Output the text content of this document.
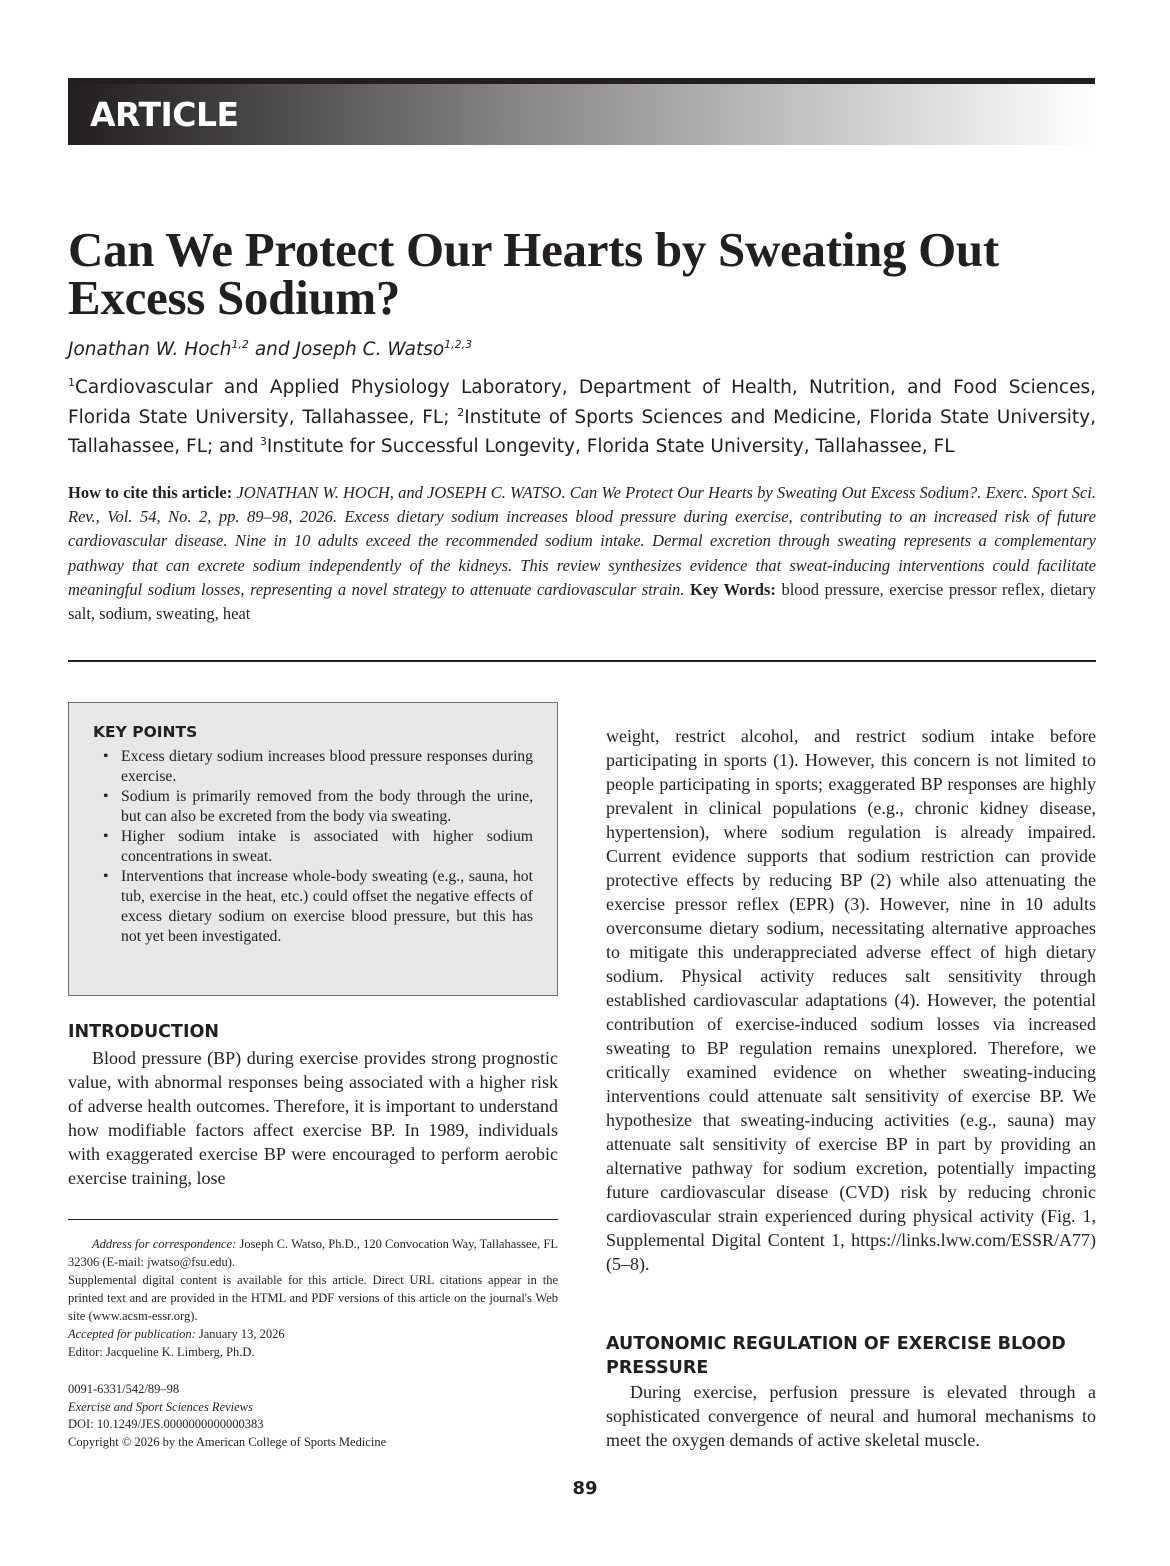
ARTICLE
Can We Protect Our Hearts by Sweating Out Excess Sodium?
Jonathan W. Hoch$^{1,2}$ and Joseph C. Watso$^{1,2,3}$
$^1$Cardiovascular and Applied Physiology Laboratory, Department of Health, Nutrition, and Food Sciences, Florida State University, Tallahassee, FL; $^2$Institute of Sports Sciences and Medicine, Florida State University, Tallahassee, FL; and $^3$Institute for Successful Longevity, Florida State University, Tallahassee, FL
How to cite this article: JONATHAN W. HOCH, and JOSEPH C. WATSO. Can We Protect Our Hearts by Sweating Out Excess Sodium?. Exerc. Sport Sci. Rev., Vol. 54, No. 2, pp. 89–98, 2026. Excess dietary sodium increases blood pressure during exercise, contributing to an increased risk of future cardiovascular disease. Nine in 10 adults exceed the recommended sodium intake. Dermal excretion through sweating represents a complementary pathway that can excrete sodium independently of the kidneys. This review synthesizes evidence that sweat-inducing interventions could facilitate meaningful sodium losses, representing a novel strategy to attenuate cardiovascular strain. Key Words: blood pressure, exercise pressor reflex, dietary salt, sodium, sweating, heat
KEY POINTS
• Excess dietary sodium increases blood pressure responses during exercise.
• Sodium is primarily removed from the body through the urine, but can also be excreted from the body via sweating.
• Higher sodium intake is associated with higher sodium concentrations in sweat.
• Interventions that increase whole-body sweating (e.g., sauna, hot tub, exercise in the heat, etc.) could offset the negative effects of excess dietary sodium on exercise blood pressure, but this has not yet been investigated.
INTRODUCTION

Blood pressure (BP) during exercise provides strong prognostic value, with abnormal responses being associated with a higher risk of adverse health outcomes. Therefore, it is important to understand how modifiable factors affect exercise BP. In 1989, individuals with exaggerated exercise BP were encouraged to perform aerobic exercise training, lose

Address for correspondence: Joseph C. Watso, Ph.D., 120 Convocation Way, Tallahassee, FL 32306 (E-mail: jwatso@fsu.edu).

Supplemental digital content is available for this article. Direct URL citations appear in the printed text and are provided in the HTML and PDF versions of this article on the journal's Web site (www.acsm-essr.org).

Accepted for publication: January 13, 2026

Editor: Jacqueline K. Limberg, Ph.D.

0091-6331/542/89–98

Exercise and Sport Sciences Reviews

DOI: 10.1249/JES.0000000000000383

Copyright © 2026 by the American College of Sports Medicine

weight, restrict alcohol, and restrict sodium intake before participating in sports (1). However, this concern is not limited to people participating in sports; exaggerated BP responses are highly prevalent in clinical populations (e.g., chronic kidney disease, hypertension), where sodium regulation is already impaired. Current evidence supports that sodium restriction can provide protective effects by reducing BP (2) while also attenuating the exercise pressor reflex (EPR) (3). However, nine in 10 adults overconsume dietary sodium, necessitating alternative approaches to mitigate this underappreciated adverse effect of high dietary sodium. Physical activity reduces salt sensitivity through established cardiovascular adaptations (4). However, the potential contribution of exercise-induced sodium losses via increased sweating to BP regulation remains unexplored. Therefore, we critically examined evidence on whether sweating-inducing interventions could attenuate salt sensitivity of exercise BP. We hypothesize that sweating-inducing activities (e.g., sauna) may attenuate salt sensitivity of exercise BP in part by providing an alternative pathway for sodium excretion, potentially impacting future cardiovascular disease (CVD) risk by reducing chronic cardiovascular strain experienced during physical activity (Fig. 1, Supplemental Digital Content 1, https://links.lww.com/ESSR/A77) (5–8).

AUTONOMIC REGULATION OF EXERCISE BLOOD PRESSURE

During exercise, perfusion pressure is elevated through a sophisticated convergence of neural and humoral mechanisms to meet the oxygen demands of active skeletal muscle.

89
